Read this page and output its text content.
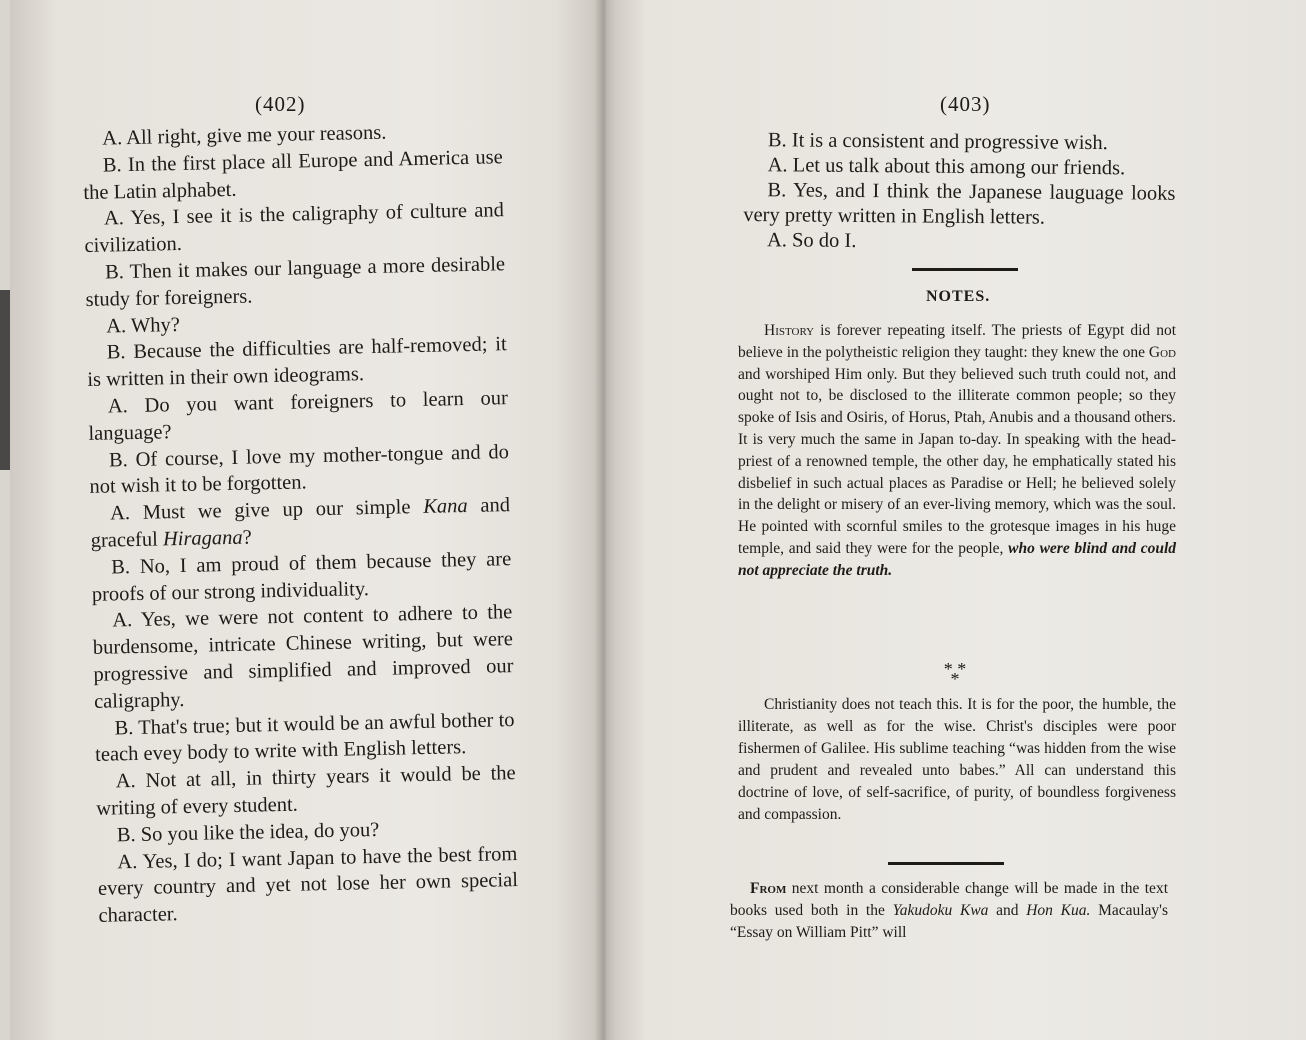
(402)

A. All right, give me your reasons.

B. In the first place all Europe and America use the Latin alphabet.

A. Yes, I see it is the caligraphy of culture and civilization.

B. Then it makes our language a more desirable study for foreigners.

A. Why?

B. Because the difficulties are half-removed; it is written in their own ideograms.

A. Do you want foreigners to learn our language?

B. Of course, I love my mother-tongue and do not wish it to be forgotten.

A. Must we give up our simple Kana and graceful Hiragana?

B. No, I am proud of them because they are proofs of our strong individuality.

A. Yes, we were not content to adhere to the burdensome, intricate Chinese writing, but were progressive and simplified and improved our caligraphy.

B. That's true; but it would be an awful bother to teach evey body to write with English letters.

A. Not at all, in thirty years it would be the writing of every student.

B. So you like the idea, do you?

A. Yes, I do; I want Japan to have the best from every country and yet not lose her own special character.

(403)

B. It is a consistent and progressive wish.

A. Let us talk about this among our friends.

B. Yes, and I think the Japanese lauguage looks very pretty written in English letters.

A. So do I.

NOTES.

History is forever repeating itself. The priests of Egypt did not believe in the polytheistic religion they taught: they knew the one God and worshiped Him only. But they believed such truth could not, and ought not to, be disclosed to the illiterate common people; so they spoke of Isis and Osiris, of Horus, Ptah, Anubis and a thousand others. It is very much the same in Japan to-day. In speaking with the head-priest of a renowned temple, the other day, he emphatically stated his disbelief in such actual places as Paradise or Hell; he believed solely in the delight or misery of an ever-living memory, which was the soul. He pointed with scornful smiles to the grotesque images in his huge temple, and said they were for the people, who were blind and could not appreciate the truth.

* * *

Christianity does not teach this. It is for the poor, the humble, the illiterate, as well as for the wise. Christ's disciples were poor fishermen of Galilee. His sublime teaching “was hidden from the wise and prudent and revealed unto babes.” All can understand this doctrine of love, of self-sacrifice, of purity, of boundless forgiveness and compassion.

From next month a considerable change will be made in the text books used both in the Yakudoku Kwa and Hon Kua. Macaulay's “Essay on William Pitt” will
